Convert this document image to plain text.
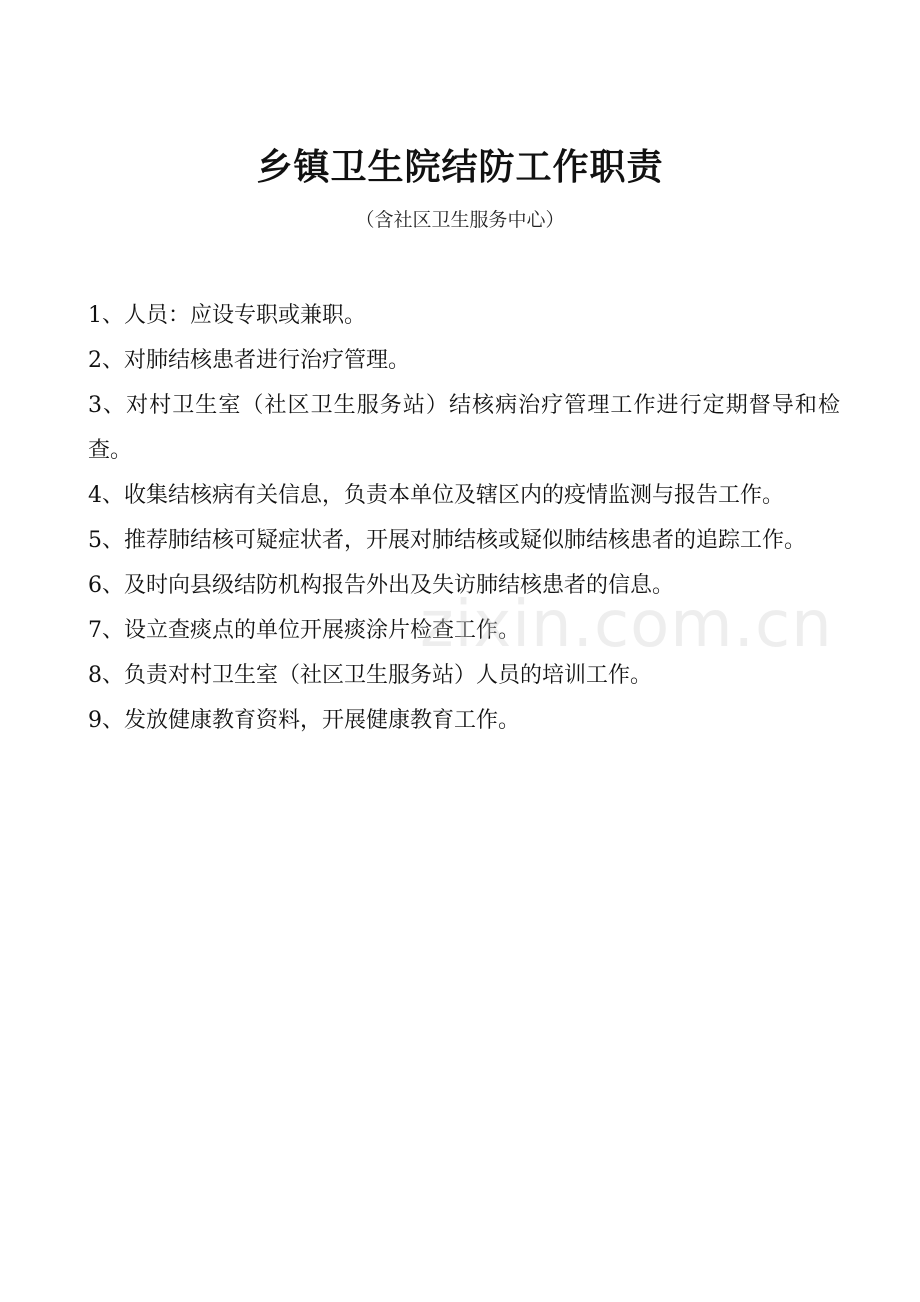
乡镇卫生院结防工作职责
（含社区卫生服务中心）
1、人员：应设专职或兼职。
2、对肺结核患者进行治疗管理。
3、对村卫生室（社区卫生服务站）结核病治疗管理工作进行定期督导和检查。
4、收集结核病有关信息，负责本单位及辖区内的疫情监测与报告工作。
5、推荐肺结核可疑症状者，开展对肺结核或疑似肺结核患者的追踪工作。
6、及时向县级结防机构报告外出及失访肺结核患者的信息。
7、设立查痰点的单位开展痰涂片检查工作。
8、负责对村卫生室（社区卫生服务站）人员的培训工作。
9、发放健康教育资料，开展健康教育工作。
zixin.com.cn
